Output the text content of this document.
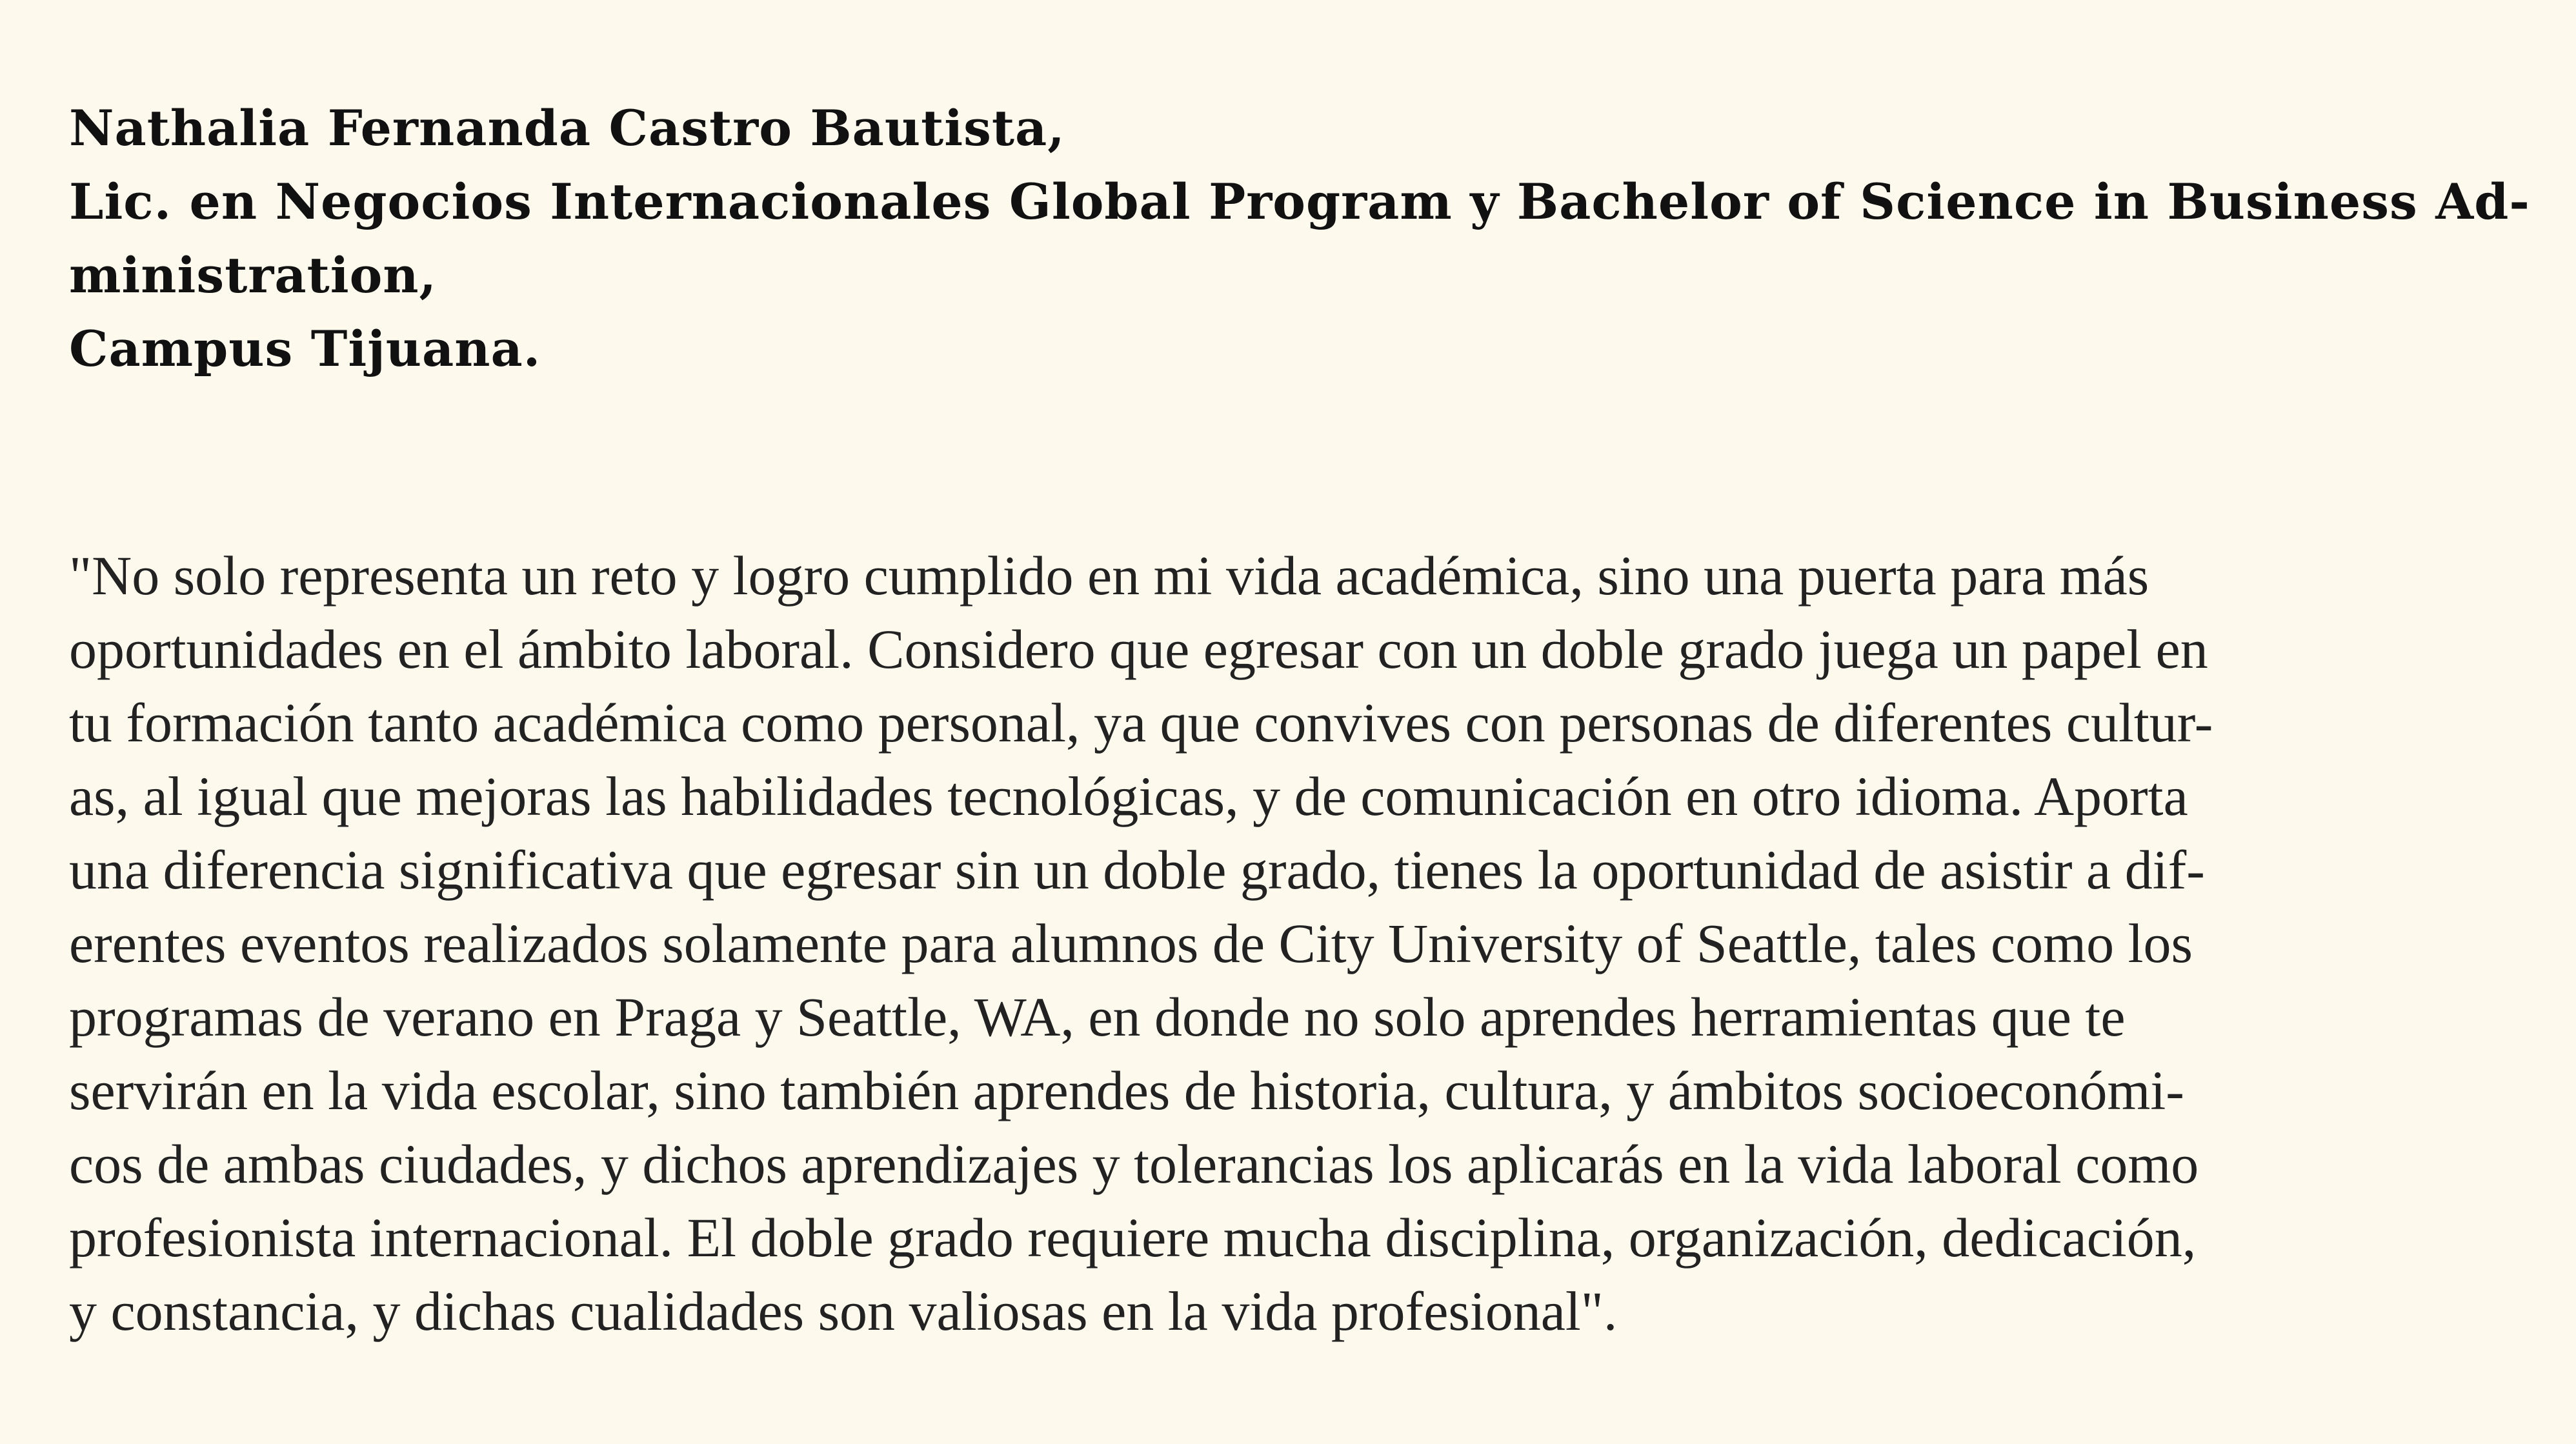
Nathalia Fernanda Castro Bautista,
Lic. en Negocios Internacionales Global Program y Bachelor of Science in Business Ad-
ministration,
Campus Tijuana.
"No solo representa un reto y logro cumplido en mi vida académica, sino una puerta para más
oportunidades en el ámbito laboral. Considero que egresar con un doble grado juega un papel en
tu formación tanto académica como personal, ya que convives con personas de diferentes cultur-
as, al igual que mejoras las habilidades tecnológicas, y de comunicación en otro idioma. Aporta
una diferencia significativa que egresar sin un doble grado, tienes la oportunidad de asistir a dif-
erentes eventos realizados solamente para alumnos de City University of Seattle, tales como los
programas de verano en Praga y Seattle, WA, en donde no solo aprendes herramientas que te
servirán en la vida escolar, sino también aprendes de historia, cultura, y ámbitos socioeconómi-
cos de ambas ciudades, y dichos aprendizajes y tolerancias los aplicarás en la vida laboral como
profesionista internacional. El doble grado requiere mucha disciplina, organización, dedicación,
y constancia, y dichas cualidades son valiosas en la vida profesional".
